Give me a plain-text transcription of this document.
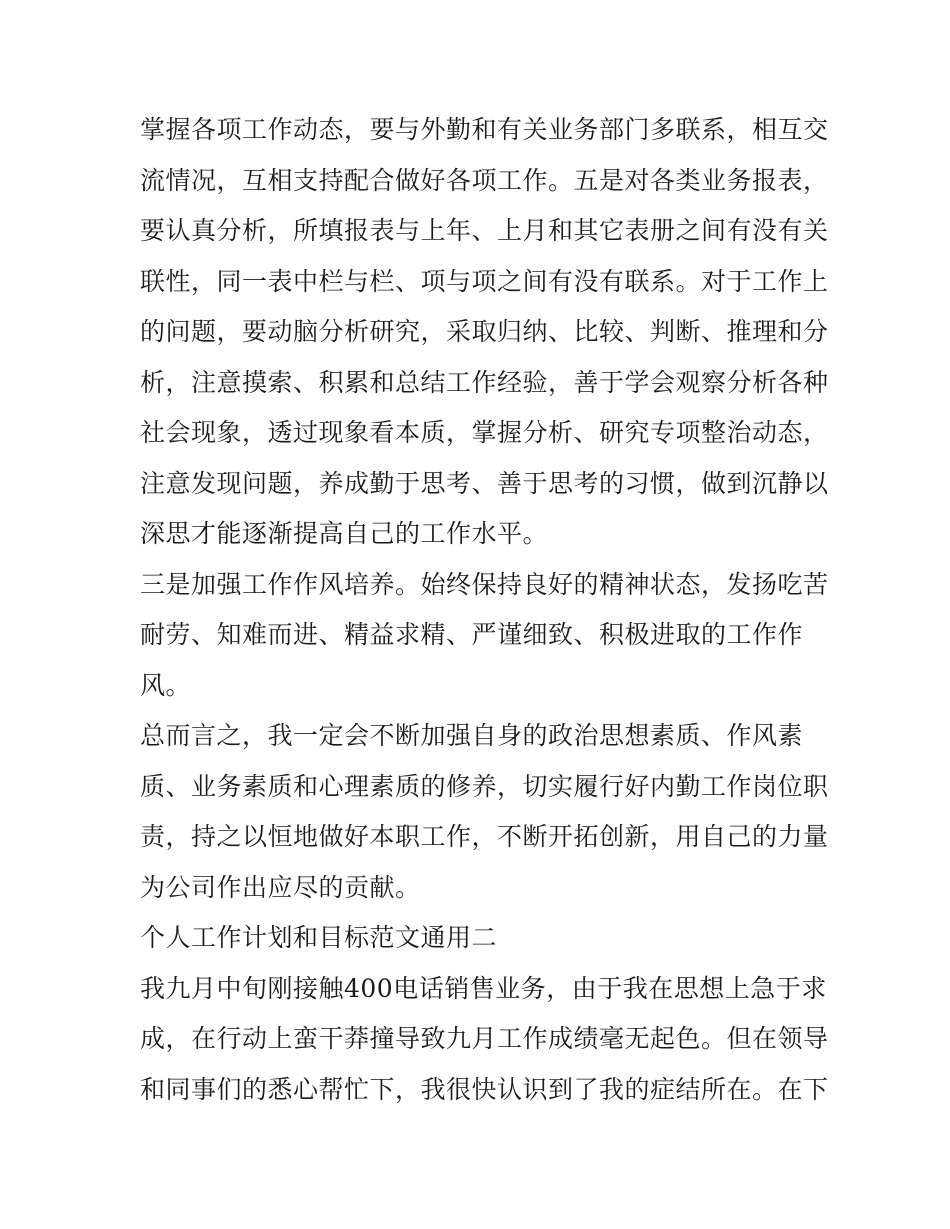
掌握各项工作动态，要与外勤和有关业务部门多联系，相互交
流情况，互相支持配合做好各项工作。五是对各类业务报表，
要认真分析，所填报表与上年、上月和其它表册之间有没有关
联性，同一表中栏与栏、项与项之间有没有联系。对于工作上
的问题，要动脑分析研究，采取归纳、比较、判断、推理和分
析，注意摸索、积累和总结工作经验，善于学会观察分析各种
社会现象，透过现象看本质，掌握分析、研究专项整治动态，
注意发现问题，养成勤于思考、善于思考的习惯，做到沉静以
深思才能逐渐提高自己的工作水平。
三是加强工作作风培养。始终保持良好的精神状态，发扬吃苦
耐劳、知难而进、精益求精、严谨细致、积极进取的工作作
风。
总而言之，我一定会不断加强自身的政治思想素质、作风素
质、业务素质和心理素质的修养，切实履行好内勤工作岗位职
责，持之以恒地做好本职工作，不断开拓创新，用自己的力量
为公司作出应尽的贡献。
个人工作计划和目标范文通用二
我九月中旬刚接触400电话销售业务，由于我在思想上急于求
成，在行动上蛮干莽撞导致九月工作成绩毫无起色。但在领导
和同事们的悉心帮忙下，我很快认识到了我的症结所在。在下
